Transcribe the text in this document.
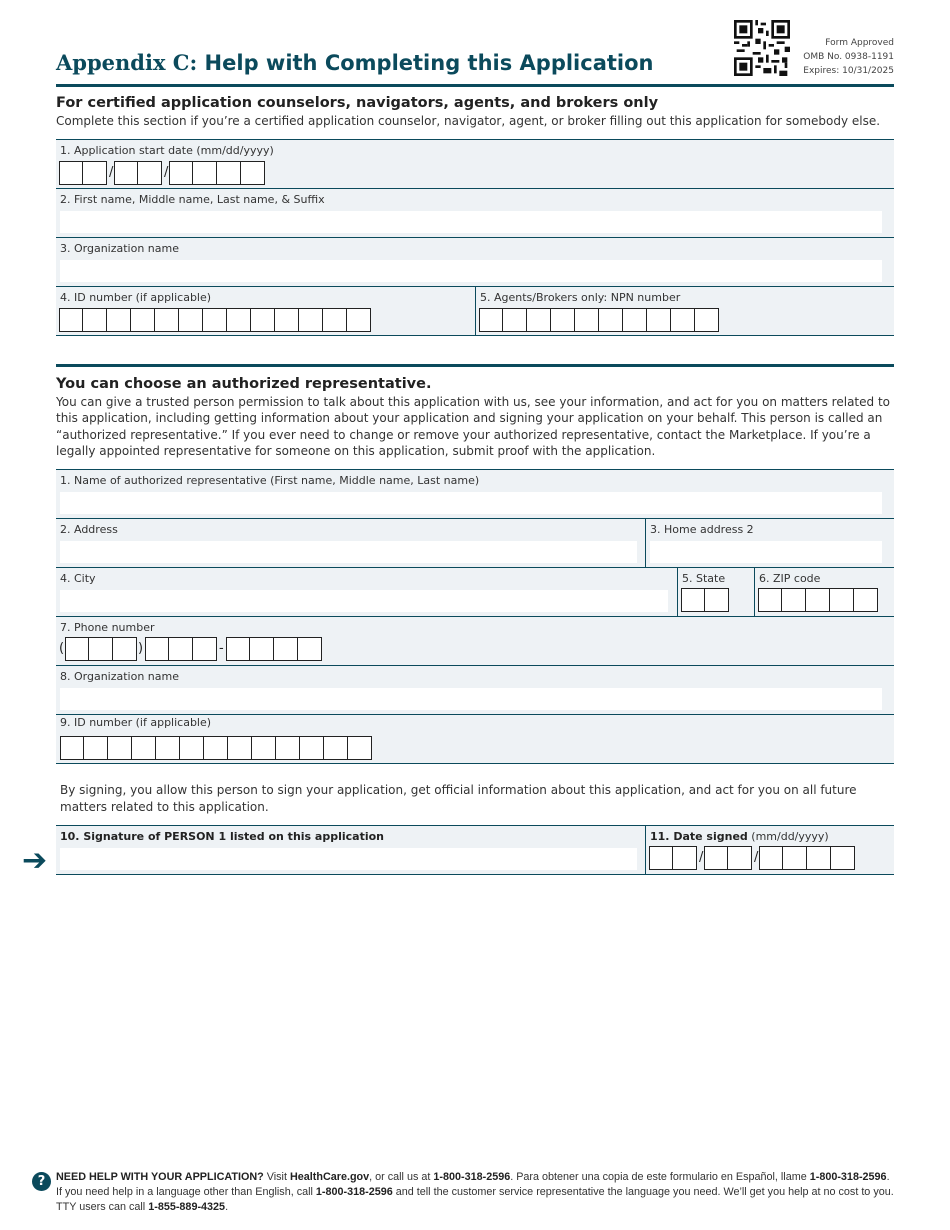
Appendix C: Help with Completing this Application
Form Approved
OMB No. 0938-1191
Expires: 10/31/2025
For certified application counselors, navigators, agents, and brokers only
Complete this section if you’re a certified application counselor, navigator, agent, or broker filling out this application for somebody else.
1. Application start date (mm/dd/yyyy)
/	/
2. First name, Middle name, Last name, & Suffix
3. Organization name
4. ID number (if applicable)	5. Agents/Brokers only: NPN number
You can choose an authorized representative.
You can give a trusted person permission to talk about this application with us, see your information, and act for you on matters related to this application, including getting information about your application and signing your application on your behalf. This person is called an “authorized representative.” If you ever need to change or remove your authorized representative, contact the Marketplace. If you’re a legally appointed representative for someone on this application, submit proof with the application.
1. Name of authorized representative (First name, Middle name, Last name)
2. Address	3. Home address 2
4. City	5. State	6. ZIP code
7. Phone number
(	)	-
8. Organization name
9. ID number (if applicable)
By signing, you allow this person to sign your application, get official information about this application, and act for you on all future matters related to this application.
➔
10. Signature of PERSON 1 listed on this application	11. Date signed (mm/dd/yyyy)
/	/
? NEED HELP WITH YOUR APPLICATION? Visit HealthCare.gov, or call us at 1-800-318-2596. Para obtener una copia de este formulario en Español, llame 1-800-318-2596. If you need help in a language other than English, call 1-800-318-2596 and tell the customer service representative the language you need. We’ll get you help at no cost to you. TTY users can call 1-855-889-4325.
